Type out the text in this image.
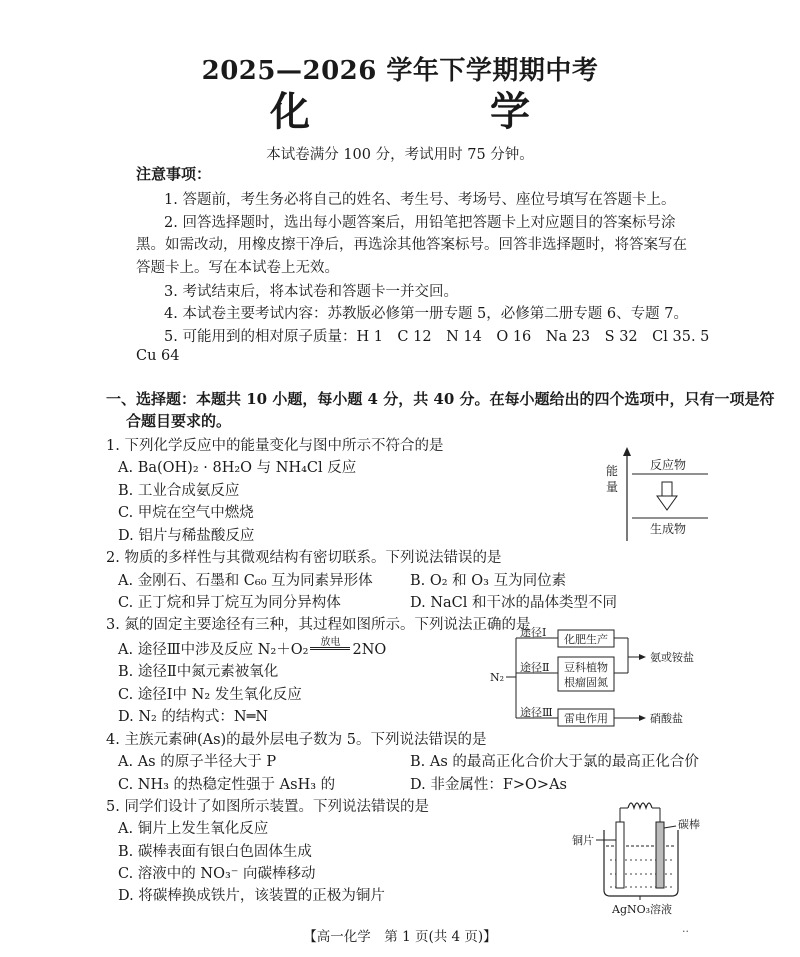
2025—2026 学年下学期期中考
化　学
本试卷满分 100 分，考试用时 75 分钟。
注意事项：
1. 答题前，考生务必将自己的姓名、考生号、考场号、座位号填写在答题卡上。
2. 回答选择题时，选出每小题答案后，用铅笔把答题卡上对应题目的答案标号涂
黑。如需改动，用橡皮擦干净后，再选涂其他答案标号。回答非选择题时，将答案写在
答题卡上。写在本试卷上无效。
3. 考试结束后，将本试卷和答题卡一并交回。
4. 本试卷主要考试内容：苏教版必修第一册专题 5，必修第二册专题 6、专题 7。
5. 可能用到的相对原子质量：H 1　C 12　N 14　O 16　Na 23　S 32　Cl 35. 5
Cu 64
一、选择题：本题共 10 小题，每小题 4 分，共 40 分。在每小题给出的四个选项中，只有一项是符
合题目要求的。
1. 下列化学反应中的能量变化与图中所示不符合的是
A. Ba(OH)₂ · 8H₂O 与 NH₄Cl 反应
B. 工业合成氨反应
C. 甲烷在空气中燃烧
D. 铝片与稀盐酸反应
能
量
反应物
生成物
2. 物质的多样性与其微观结构有密切联系。下列说法错误的是
A. 金刚石、石墨和 C₆₀ 互为同素异形体	B. O₂ 和 O₃ 互为同位素
C. 正丁烷和异丁烷互为同分异构体	D. NaCl 和干冰的晶体类型不同
3. 氮的固定主要途径有三种，其过程如图所示。下列说法正确的是
A. 途径Ⅲ中涉及反应 N₂＋O₂	放电 2NO
B. 途径Ⅱ中氮元素被氧化
C. 途径Ⅰ中 N₂ 发生氧化反应
D. N₂ 的结构式：N═N
N₂
途径Ⅰ
途径Ⅱ
途径Ⅲ
化肥生产
豆科植物
根瘤固氮
雷电作用
氨或铵盐
硝酸盐
4. 主族元素砷(As)的最外层电子数为 5。下列说法错误的是
A. As 的原子半径大于 P	B. As 的最高正化合价大于氯的最高正化合价
C. NH₃ 的热稳定性强于 AsH₃ 的	D. 非金属性：F>O>As
5. 同学们设计了如图所示装置。下列说法错误的是
A. 铜片上发生氧化反应
B. 碳棒表面有银白色固体生成
C. 溶液中的 NO₃⁻ 向碳棒移动
D. 将碳棒换成铁片，该装置的正极为铜片
铜片
碳棒
AgNO₃溶液
【高一化学　第 1 页(共 4 页)】	··
